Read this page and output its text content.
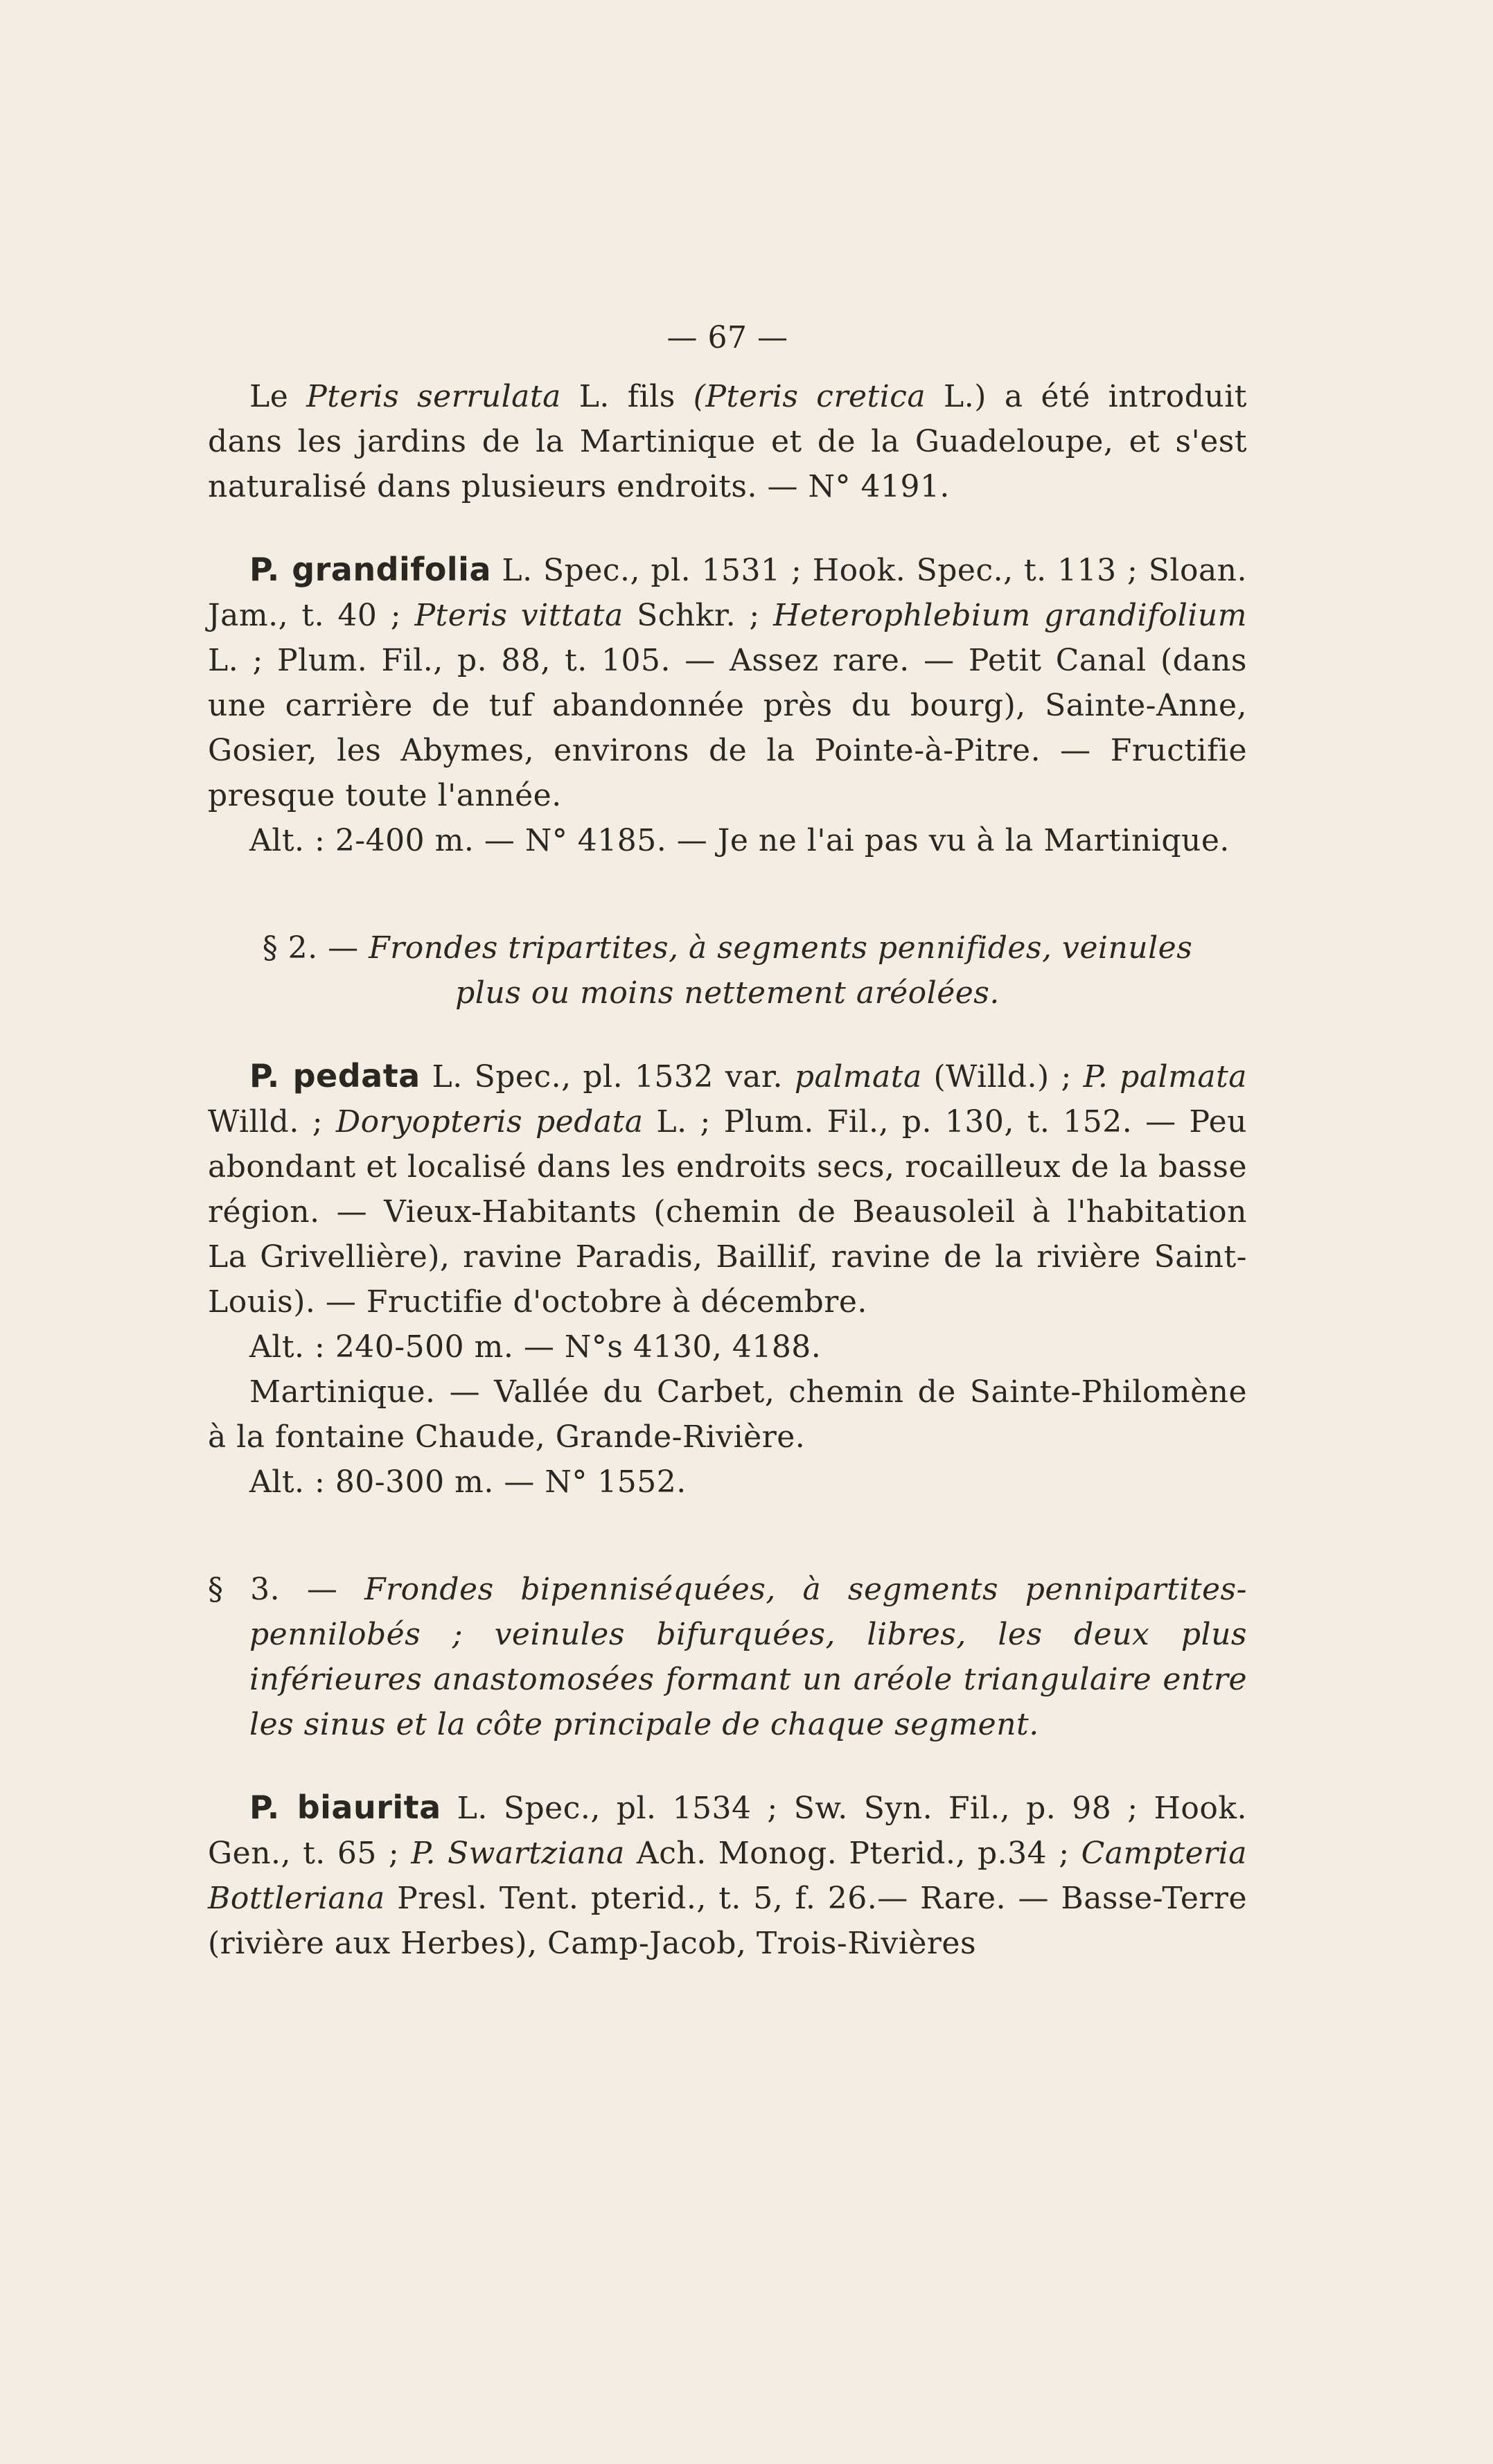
— 67 —

Le Pteris serrulata L. fils (Pteris cretica L.) a été introduit dans les jardins de la Martinique et de la Guadeloupe, et s'est naturalisé dans plusieurs endroits. — N° 4191.

P. grandifolia L. Spec., pl. 1531 ; Hook. Spec., t. 113 ; Sloan. Jam., t. 40 ; Pteris vittata Schkr. ; Heterophlebium grandifolium L. ; Plum. Fil., p. 88, t. 105. — Assez rare. — Petit Canal (dans une carrière de tuf abandonnée près du bourg), Sainte-Anne, Gosier, les Abymes, environs de la Pointe-à-Pitre. — Fructifie presque toute l'année.

Alt. : 2-400 m. — N° 4185. — Je ne l'ai pas vu à la Martinique.

§ 2. — Frondes tripartites, à segments pennifides, veinules

plus ou moins nettement aréolées.

P. pedata L. Spec., pl. 1532 var. palmata (Willd.) ; P. palmata Willd. ; Doryopteris pedata L. ; Plum. Fil., p. 130, t. 152. — Peu abondant et localisé dans les endroits secs, rocailleux de la basse région. — Vieux-Habitants (chemin de Beausoleil à l'habitation La Grivellière), ravine Paradis, Baillif, ravine de la rivière Saint-Louis). — Fructifie d'octobre à décembre.

Alt. : 240-500 m. — N°s 4130, 4188.

Martinique. — Vallée du Carbet, chemin de Sainte-Philomène à la fontaine Chaude, Grande-Rivière.

Alt. : 80-300 m. — N° 1552.

§ 3. — Frondes bipenniséquées, à segments pennipartites-pennilobés ; veinules bifurquées, libres, les deux plus inférieures anastomosées formant un aréole triangulaire entre les sinus et la côte principale de chaque segment.

P. biaurita L. Spec., pl. 1534 ; Sw. Syn. Fil., p. 98 ; Hook. Gen., t. 65 ; P. Swartziana Ach. Monog. Pterid., p.34 ; Campteria Bottleriana Presl. Tent. pterid., t. 5, f. 26.— Rare. — Basse-Terre (rivière aux Herbes), Camp-Jacob, Trois-Rivières
